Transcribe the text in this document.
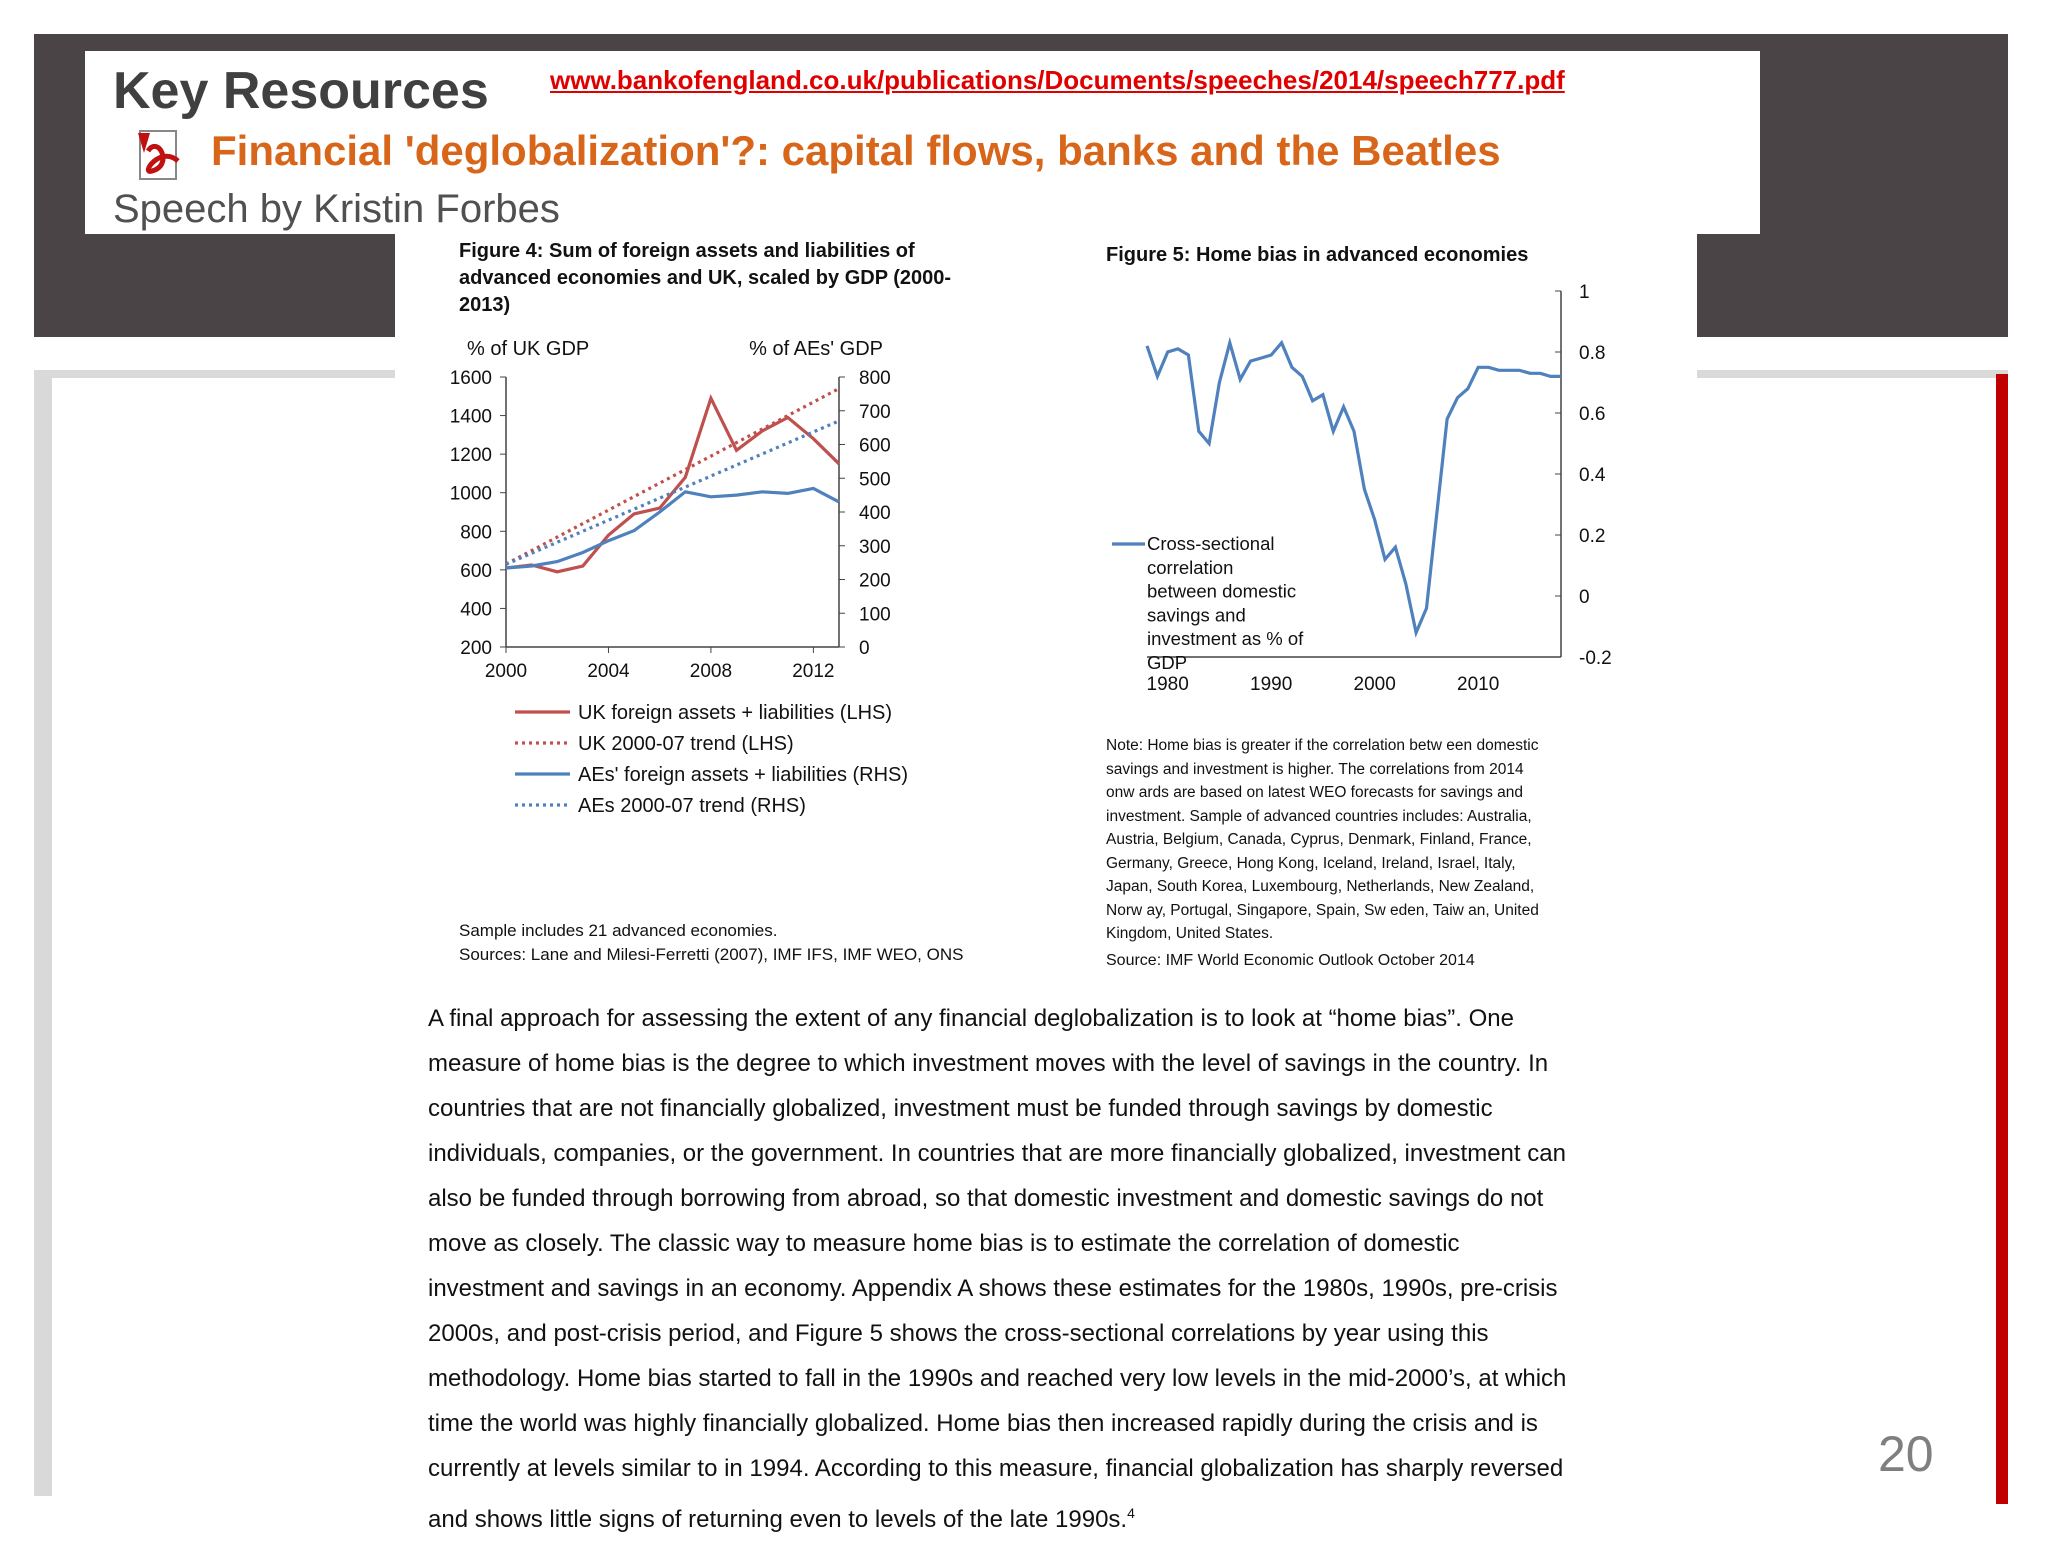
Figure 4: Sum of foreign assets and liabilities of
advanced economies and UK, scaled by GDP (2000-
2013)
% of UK GDP	% of AEs' GDP
1600
1400
1200
1000
800
600
400
200
800
700
600
500
400
300
200
100
0
2000	2004	2008	2012
UK foreign assets + liabilities (LHS)
UK 2000-07 trend (LHS)
AEs' foreign assets + liabilities (RHS)
AEs 2000-07 trend (RHS)
Sample includes 21 advanced economies.
Sources: Lane and Milesi-Ferretti (2007), IMF IFS, IMF WEO, ONS
Figure 5: Home bias in advanced economies
1
0.8
0.6
0.4
0.2
0
-0.2
1980	1990	2000	2010
Cross-sectional
correlation
between domestic
savings and
investment as % of
GDP
Note: Home bias is greater if the correlation betw een domestic
savings and investment is higher. The correlations from 2014
onw ards are based on latest WEO forecasts for savings and
investment. Sample of advanced countries includes: Australia,
Austria, Belgium, Canada, Cyprus, Denmark, Finland, France,
Germany, Greece, Hong Kong, Iceland, Ireland, Israel, Italy,
Japan, South Korea, Luxembourg, Netherlands, New Zealand,
Norw ay, Portugal, Singapore, Spain, Sw eden, Taiw an, United
Kingdom, United States.
Source: IMF World Economic Outlook October 2014

A final approach for assessing the extent of any financial deglobalization is to look at “home bias”. One

measure of home bias is the degree to which investment moves with the level of savings in the country. In

countries that are not financially globalized, investment must be funded through savings by domestic

individuals, companies, or the government. In countries that are more financially globalized, investment can

also be funded through borrowing from abroad, so that domestic investment and domestic savings do not

move as closely. The classic way to measure home bias is to estimate the correlation of domestic

investment and savings in an economy. Appendix A shows these estimates for the 1980s, 1990s, pre-crisis

2000s, and post-crisis period, and Figure 5 shows the cross-sectional correlations by year using this

methodology. Home bias started to fall in the 1990s and reached very low levels in the mid-2000’s, at which

time the world was highly financially globalized. Home bias then increased rapidly during the crisis and is

currently at levels similar to in 1994. According to this measure, financial globalization has sharply reversed

and shows little signs of returning even to levels of the late 1990s.$^4$

Key Resources www.bankofengland.co.uk/publications/Documents/speeches/2014/speech777.pdf
Financial 'deglobalization'?: capital flows, banks and the Beatles
Speech by Kristin Forbes
20
